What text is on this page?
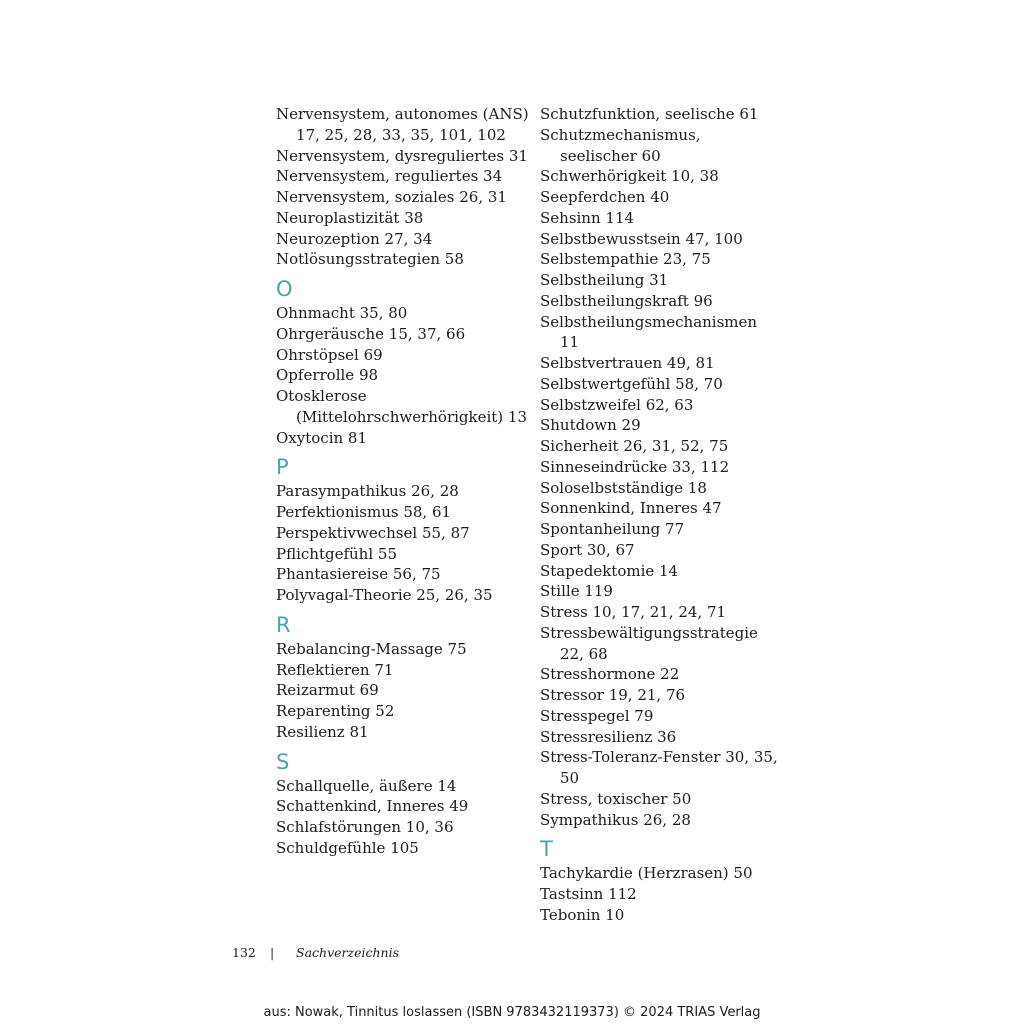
Nervensystem, autonomes (ANS) 17, 25, 28, 33, 35, 101, 102
Nervensystem, dysreguliertes 31
Nervensystem, reguliertes 34
Nervensystem, soziales 26, 31
Neuroplastizität 38
Neurozeption 27, 34
Notlösungsstrategien 58
O
Ohnmacht 35, 80
Ohrgeräusche 15, 37, 66
Ohrstöpsel 69
Opferrolle 98
Otosklerose (Mittelohrschwerhörigkeit) 13
Oxytocin 81
P
Parasympathikus 26, 28
Perfektionismus 58, 61
Perspektivwechsel 55, 87
Pflichtgefühl 55
Phantasiereise 56, 75
Polyvagal-Theorie 25, 26, 35
R
Rebalancing-Massage 75
Reflektieren 71
Reizarmut 69
Reparenting 52
Resilienz 81
S
Schallquelle, äußere 14
Schattenkind, Inneres 49
Schlafstörungen 10, 36
Schuldgefühle 105
Schutzfunktion, seelische 61
Schutzmechanismus, seelischer 60
Schwerhörigkeit 10, 38
Seepferdchen 40
Sehsinn 114
Selbstbewusstsein 47, 100
Selbstempathie 23, 75
Selbstheilung 31
Selbstheilungskraft 96
Selbstheilungsmechanismen 11
Selbstvertrauen 49, 81
Selbstwertgefühl 58, 70
Selbstzweifel 62, 63
Shutdown 29
Sicherheit 26, 31, 52, 75
Sinneseindrücke 33, 112
Soloselbstständige 18
Sonnenkind, Inneres 47
Spontanheilung 77
Sport 30, 67
Stapedektomie 14
Stille 119
Stress 10, 17, 21, 24, 71
Stressbewältigungsstrategie 22, 68
Stresshormone 22
Stressor 19, 21, 76
Stresspegel 79
Stressresilienz 36
Stress-Toleranz-Fenster 30, 35, 50
Stress, toxischer 50
Sympathikus 26, 28
T
Tachykardie (Herzrasen) 50
Tastsinn 112
Tebonin 10
132 | Sachverzeichnis
aus: Nowak, Tinnitus loslassen (ISBN 9783432119373) © 2024 TRIAS Verlag
